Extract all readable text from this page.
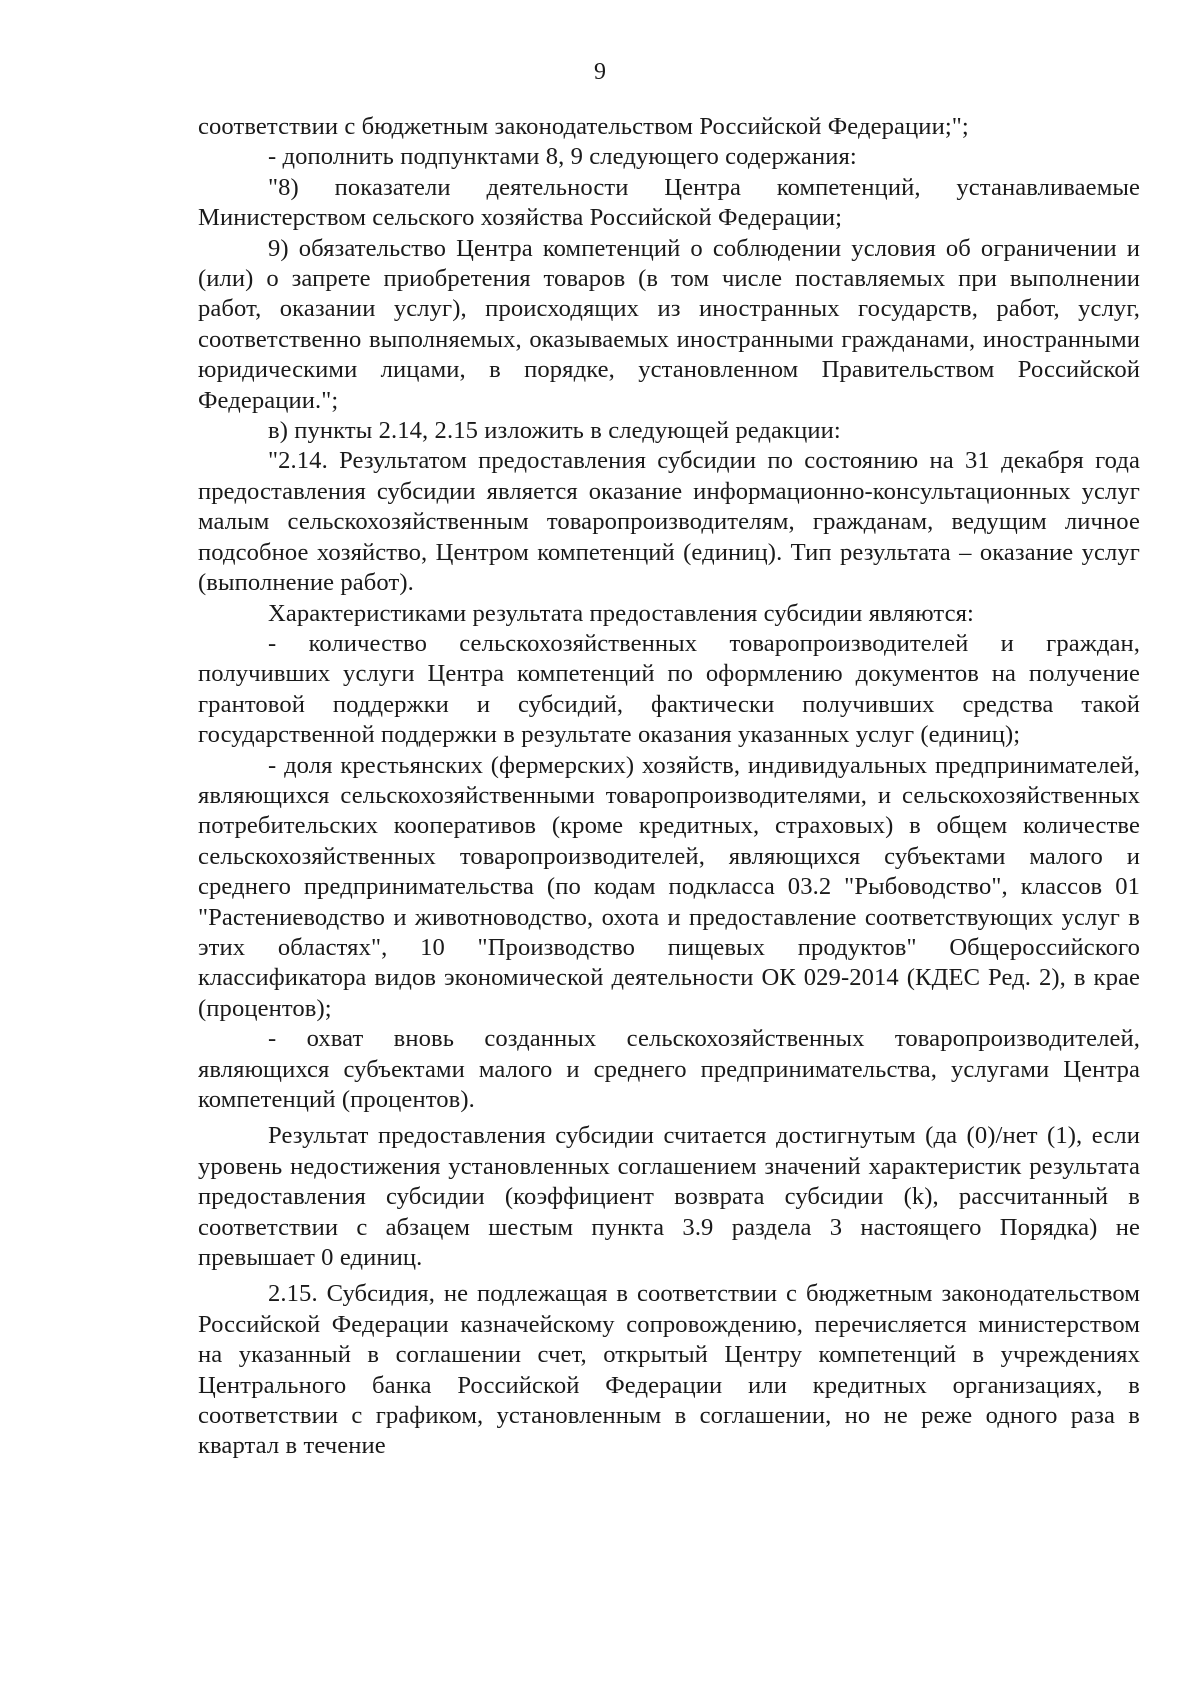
9

соответствии с бюджетным законодательством Российской Федерации;";

- дополнить подпунктами 8, 9 следующего содержания:

"8) показатели деятельности Центра компетенций, устанавливаемые Министерством сельского хозяйства Российской Федерации;

9) обязательство Центра компетенций о соблюдении условия об ограничении и (или) о запрете приобретения товаров (в том числе поставляемых при выполнении работ, оказании услуг), происходящих из иностранных государств, работ, услуг, соответственно выполняемых, оказываемых иностранными гражданами, иностранными юридическими лицами, в порядке, установленном Правительством Российской Федерации.";

в) пункты 2.14, 2.15 изложить в следующей редакции:

"2.14. Результатом предоставления субсидии по состоянию на 31 декабря года предоставления субсидии является оказание информационно-консультационных услуг малым сельскохозяйственным товаропроизводителям, гражданам, ведущим личное подсобное хозяйство, Центром компетенций (единиц). Тип результата – оказание услуг (выполнение работ).

Характеристиками результата предоставления субсидии являются:

- количество сельскохозяйственных товаропроизводителей и граждан, получивших услуги Центра компетенций по оформлению документов на получение грантовой поддержки и субсидий, фактически получивших средства такой государственной поддержки в результате оказания указанных услуг (единиц);

- доля крестьянских (фермерских) хозяйств, индивидуальных предпринимателей, являющихся сельскохозяйственными товаропроизводителями, и сельскохозяйственных потребительских кооперативов (кроме кредитных, страховых) в общем количестве сельскохозяйственных товаропроизводителей, являющихся субъектами малого и среднего предпринимательства (по кодам подкласса 03.2 "Рыбоводство", классов 01 "Растениеводство и животноводство, охота и предоставление соответствующих услуг в этих областях", 10 "Производство пищевых продуктов" Общероссийского классификатора видов экономической деятельности ОК 029-2014 (КДЕС Ред. 2), в крае (процентов);

- охват вновь созданных сельскохозяйственных товаропроизводителей, являющихся субъектами малого и среднего предпринимательства, услугами Центра компетенций (процентов).

Результат предоставления субсидии считается достигнутым (да (0)/нет (1), если уровень недостижения установленных соглашением значений характеристик результата предоставления субсидии (коэффициент возврата субсидии (k), рассчитанный в соответствии с абзацем шестым пункта 3.9 раздела 3 настоящего Порядка) не превышает 0 единиц.

2.15. Субсидия, не подлежащая в соответствии с бюджетным законодательством Российской Федерации казначейскому сопровождению, перечисляется министерством на указанный в соглашении счет, открытый Центру компетенций в учреждениях Центрального банка Российской Федерации или кредитных организациях, в соответствии с графиком, установленным в соглашении, но не реже одного раза в квартал в течение
